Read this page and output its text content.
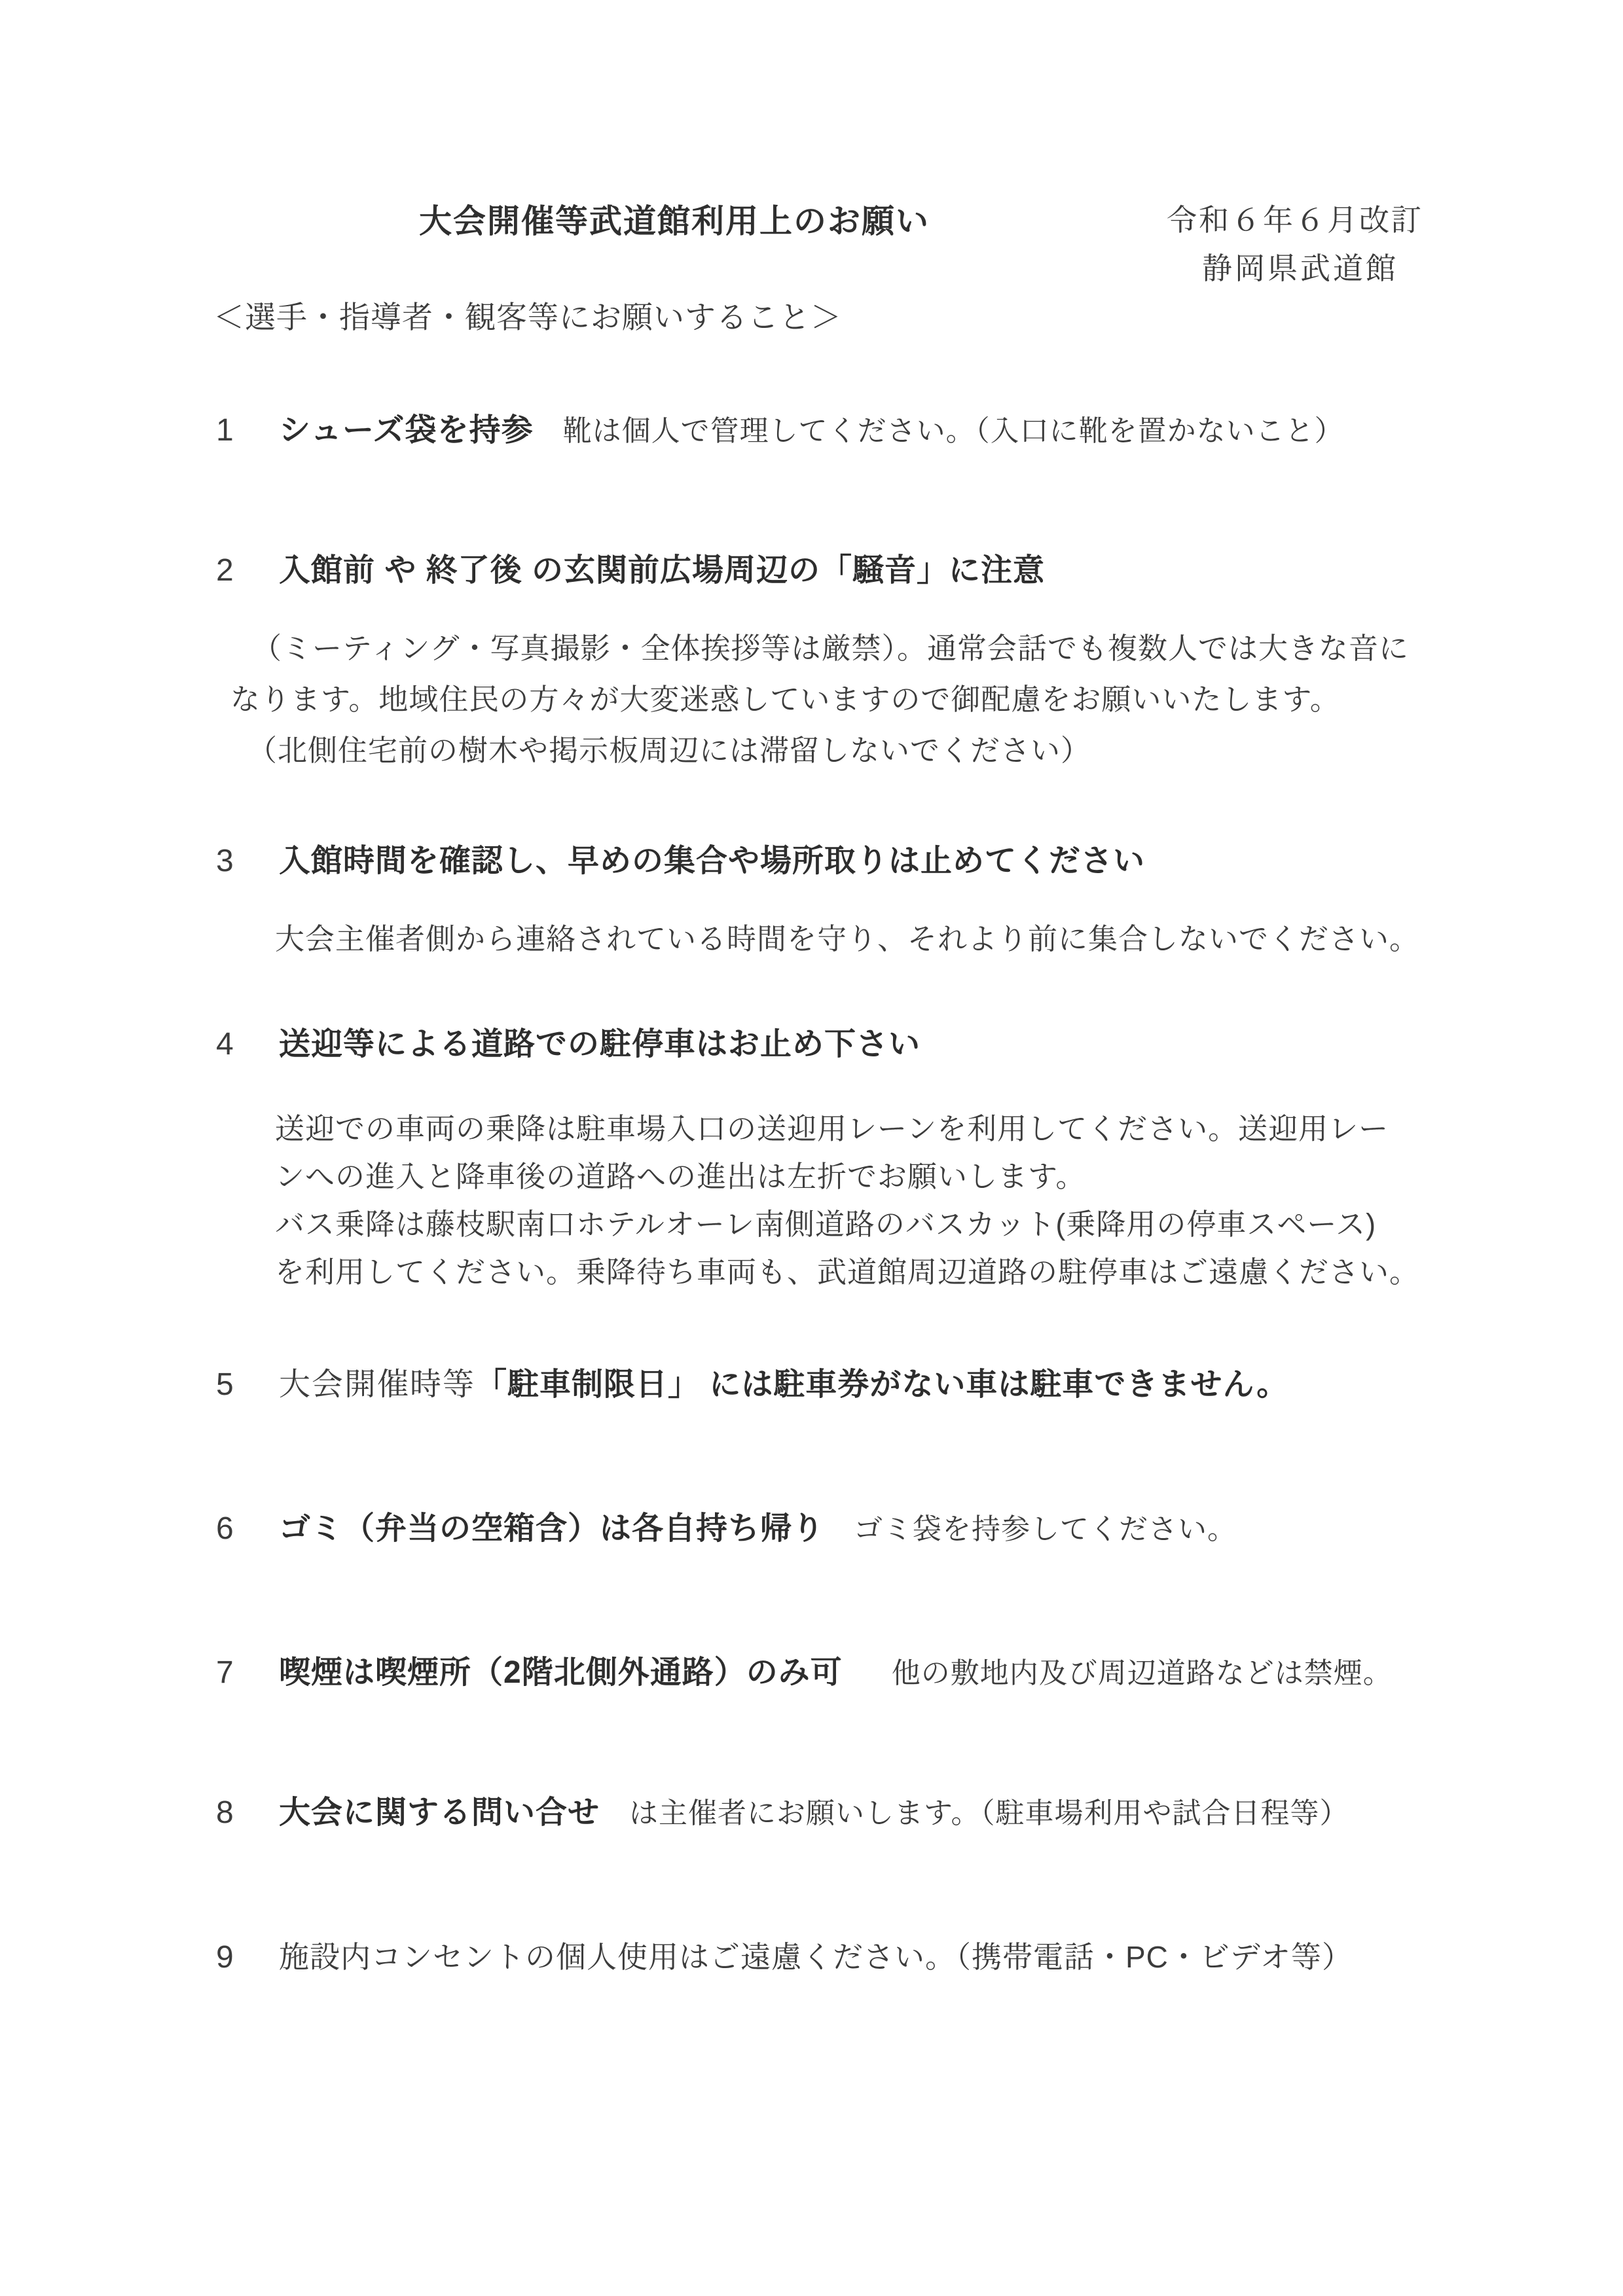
大会開催等武道館利用上のお願い	令和６年６月改訂
静岡県武道館
＜選手・指導者・観客等にお願いすること＞
1 シューズ袋を持参 靴は個人で管理してください。（入口に靴を置かないこと）
2 入館前 や 終了後 の玄関前広場周辺の「騒音」に注意
（ミーティング・写真撮影・全体挨拶等は厳禁）。通常会話でも複数人では大きな音に
なります。地域住民の方々が大変迷惑していますので御配慮をお願いいたします。
（北側住宅前の樹木や掲示板周辺には滞留しないでください）
3 入館時間を確認し、早めの集合や場所取りは止めてください
大会主催者側から連絡されている時間を守り、それより前に集合しないでください。
4 送迎等による道路での駐停車はお止め下さい
送迎での車両の乗降は駐車場入口の送迎用レーンを利用してください。送迎用レー
ンへの進入と降車後の道路への進出は左折でお願いします。
バス乗降は藤枝駅南口ホテルオーレ南側道路のバスカット(乗降用の停車スペース)
を利用してください。乗降待ち車両も、武道館周辺道路の駐停車はご遠慮ください。
5 大会開催時等「駐車制限日」 には駐車券がない車は駐車できません。
6 ゴミ（弁当の空箱含）は各自持ち帰り ゴミ袋を持参してください。
7 喫煙は喫煙所（2階北側外通路）のみ可 他の敷地内及び周辺道路などは禁煙。
8 大会に関する問い合せ は主催者にお願いします。（駐車場利用や試合日程等）
9 施設内コンセントの個人使用はご遠慮ください。（携帯電話・PC・ビデオ等）
